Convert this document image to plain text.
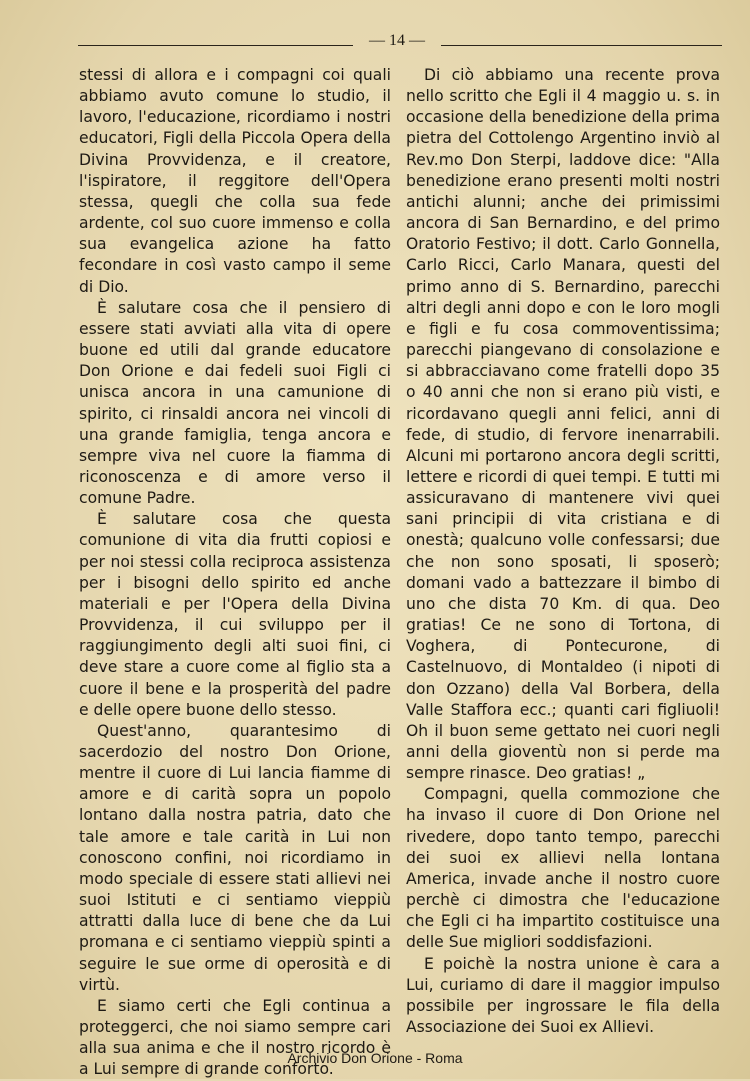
— 14 —

stessi di allora e i compagni coi quali abbiamo avuto comune lo studio, il lavoro, l'educazione, ricordiamo i nostri educatori, Figli della Piccola Opera della Divina Provvidenza, e il creatore, l'ispiratore, il reggitore dell'Opera stessa, quegli che colla sua fede ardente, col suo cuore immenso e colla sua evangelica azione ha fatto fecondare in così vasto campo il seme di Dio.

È salutare cosa che il pensiero di essere stati avviati alla vita di opere buone ed utili dal grande educatore Don Orione e dai fedeli suoi Figli ci unisca ancora in una camunione di spirito, ci rinsaldi ancora nei vincoli di una grande famiglia, tenga ancora e sempre viva nel cuore la fiamma di riconoscenza e di amore verso il comune Padre.

È salutare cosa che questa comunione di vita dia frutti copiosi e per noi stessi colla reciproca assistenza per i bisogni dello spirito ed anche materiali e per l'Opera della Divina Provvidenza, il cui sviluppo per il raggiungimento degli alti suoi fini, ci deve stare a cuore come al figlio sta a cuore il bene e la prosperità del padre e delle opere buone dello stesso.

Quest'anno, quarantesimo di sacerdozio del nostro Don Orione, mentre il cuore di Lui lancia fiamme di amore e di carità sopra un popolo lontano dalla nostra patria, dato che tale amore e tale carità in Lui non conoscono confini, noi ricordiamo in modo speciale di essere stati allievi nei suoi Istituti e ci sentiamo vieppiù attratti dalla luce di bene che da Lui promana e ci sentiamo vieppiù spinti a seguire le sue orme di operosità e di virtù.

E siamo certi che Egli continua a proteggerci, che noi siamo sempre cari alla sua anima e che il nostro ricordo è a Lui sempre di grande conforto.

Di ciò abbiamo una recente prova nello scritto che Egli il 4 maggio u. s. in occasione della benedizione della prima pietra del Cottolengo Argentino inviò al Rev.mo Don Sterpi, laddove dice: "Alla benedizione erano presenti molti nostri antichi alunni; anche dei primissimi ancora di San Bernardino, e del primo Oratorio Festivo; il dott. Carlo Gonnella, Carlo Ricci, Carlo Manara, questi del primo anno di S. Bernardino, parecchi altri degli anni dopo e con le loro mogli e figli e fu cosa commoventissima; parecchi piangevano di consolazione e si abbracciavano come fratelli dopo 35 o 40 anni che non si erano più visti, e ricordavano quegli anni felici, anni di fede, di studio, di fervore inenarrabili. Alcuni mi portarono ancora degli scritti, lettere e ricordi di quei tempi. E tutti mi assicuravano di mantenere vivi quei sani principii di vita cristiana e di onestà; qualcuno volle confessarsi; due che non sono sposati, li sposerò; domani vado a battezzare il bimbo di uno che dista 70 Km. di qua. Deo gratias! Ce ne sono di Tortona, di Voghera, di Pontecurone, di Castelnuovo, di Montaldeo (i nipoti di don Ozzano) della Val Borbera, della Valle Staffora ecc.; quanti cari figliuoli! Oh il buon seme gettato nei cuori negli anni della gioventù non si perde ma sempre rinasce. Deo gratias! „

Compagni, quella commozione che ha invaso il cuore di Don Orione nel rivedere, dopo tanto tempo, parecchi dei suoi ex allievi nella lontana America, invade anche il nostro cuore perchè ci dimostra che l'educazione che Egli ci ha impartito costituisce una delle Sue migliori soddisfazioni.

E poichè la nostra unione è cara a Lui, curiamo di dare il maggior impulso possibile per ingrossare le fila della Associazione dei Suoi ex Allievi.

Archivio Don Orione - Roma
